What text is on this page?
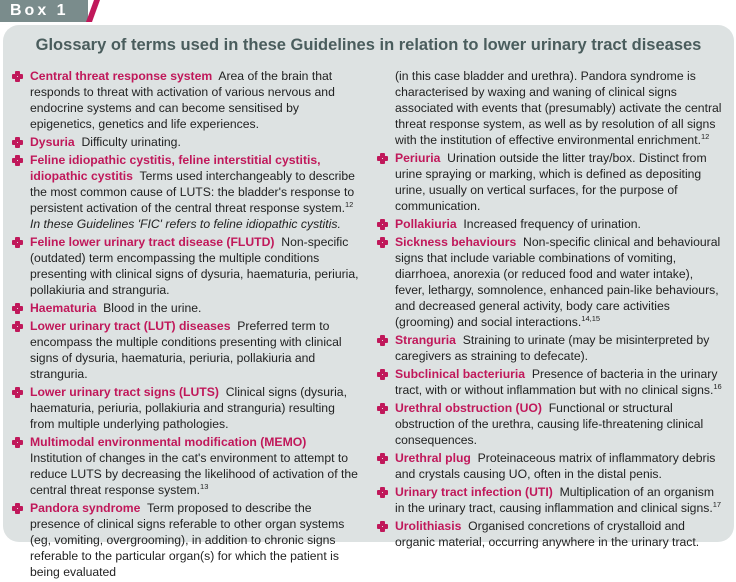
Box 1
Glossary of terms used in these Guidelines in relation to lower urinary tract diseases
Central threat response system Area of the brain that responds to threat with activation of various nervous and endocrine systems and can become sensitised by epigenetics, genetics and life experiences.
Dysuria Difficulty urinating.
Feline idiopathic cystitis, feline interstitial cystitis, idiopathic cystitis Terms used interchangeably to describe the most common cause of LUTS: the bladder's response to persistent activation of the central threat response system.$^{12}$
In these Guidelines 'FIC' refers to feline idiopathic cystitis.
Feline lower urinary tract disease (FLUTD) Non-specific (outdated) term encompassing the multiple conditions presenting with clinical signs of dysuria, haematuria, periuria, pollakiuria and stranguria.
Haematuria Blood in the urine.
Lower urinary tract (LUT) diseases Preferred term to encompass the multiple conditions presenting with clinical signs of dysuria, haematuria, periuria, pollakiuria and stranguria.
Lower urinary tract signs (LUTS) Clinical signs (dysuria, haematuria, periuria, pollakiuria and stranguria) resulting from multiple underlying pathologies.
Multimodal environmental modification (MEMO)  Institution of changes in the cat's environment to attempt to reduce LUTS by decreasing the likelihood of activation of the central threat response system.$^{13}$
Pandora syndrome Term proposed to describe the presence of clinical signs referable to other organ systems (eg, vomiting, overgrooming), in addition to chronic signs referable to the particular organ(s) for which the patient is being evaluated
(in this case bladder and urethra). Pandora syndrome is characterised by waxing and waning of clinical signs associated with events that (presumably) activate the central threat response system, as well as by resolution of all signs with the institution of effective environmental enrichment.$^{12}$
Periuria Urination outside the litter tray/box. Distinct from urine spraying or marking, which is defined as depositing urine, usually on vertical surfaces, for the purpose of communication.
Pollakiuria Increased frequency of urination.
Sickness behaviours Non-specific clinical and behavioural signs that include variable combinations of vomiting, diarrhoea, anorexia (or reduced food and water intake), fever, lethargy, somnolence, enhanced pain-like behaviours, and decreased general activity, body care activities (grooming) and social interactions.$^{14,15}$
Stranguria Straining to urinate (may be misinterpreted by caregivers as straining to defecate).
Subclinical bacteriuria Presence of bacteria in the urinary tract, with or without inflammation but with no clinical signs.$^{16}$
Urethral obstruction (UO) Functional or structural obstruction of the urethra, causing life-threatening clinical consequences.
Urethral plug Proteinaceous matrix of inflammatory debris and crystals causing UO, often in the distal penis.
Urinary tract infection (UTI) Multiplication of an organism in the urinary tract, causing inflammation and clinical signs.$^{17}$
Urolithiasis Organised concretions of crystalloid and organic material, occurring anywhere in the urinary tract.
